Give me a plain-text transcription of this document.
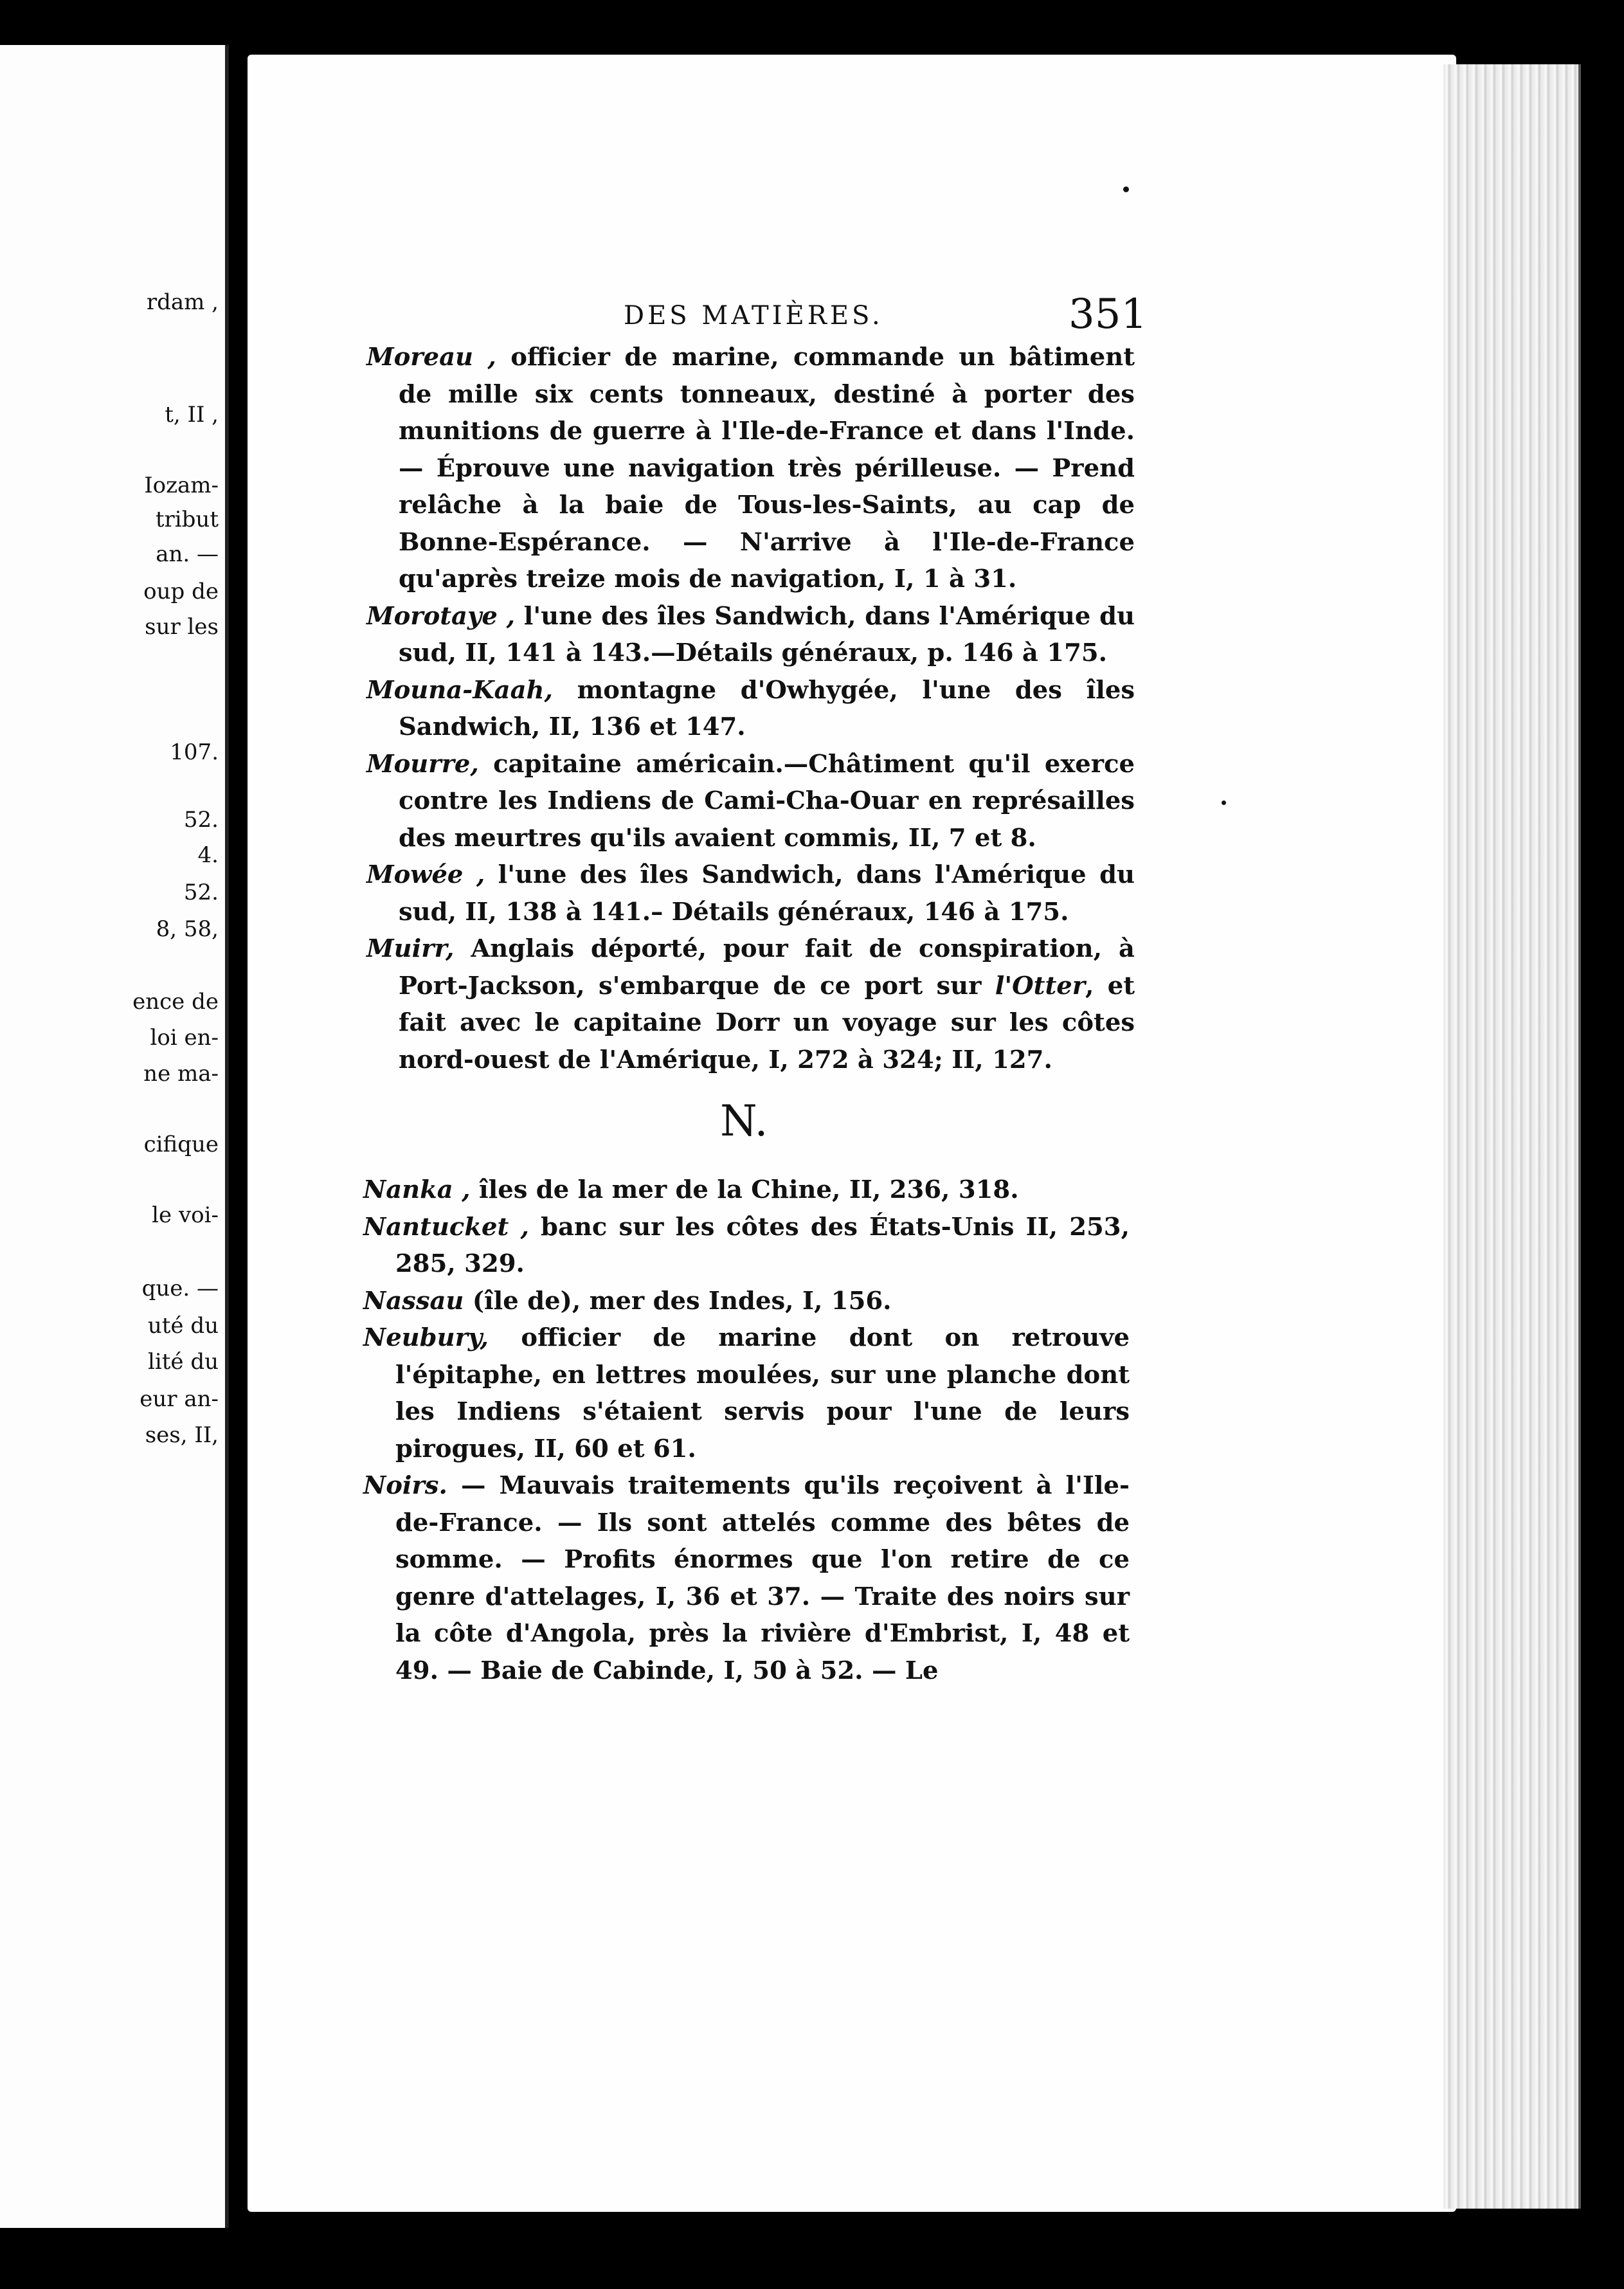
rdam ,
t, II ,
Iozam-
tribut
an. —
oup de
sur les
107.
52.
4.
52.
8, 58,
ence de
loi en-
ne ma-
cifique
le voi-
que. —
uté du
lité du
eur an-
ses, II,
DES MATIÈRES.	351

Moreau , officier de marine, commande un bâtiment de mille six cents tonneaux, destiné à porter des munitions de guerre à l'Ile-de-France et dans l'Inde. — Éprouve une navigation très périlleuse. — Prend relâche à la baie de Tous-les-Saints, au cap de Bonne-Espérance. — N'arrive à l'Ile-de-France qu'après treize mois de navigation, I, 1 à 31.

Morotaye , l'une des îles Sandwich, dans l'Amérique du sud, II, 141 à 143.—Détails généraux, p. 146 à 175.

Mouna-Kaah, montagne d'Owhygée, l'une des îles Sandwich, II, 136 et 147.

Mourre, capitaine américain.—Châtiment qu'il exerce contre les Indiens de Cami-Cha-Ouar en représailles des meurtres qu'ils avaient commis, II, 7 et 8.

Mowée , l'une des îles Sandwich, dans l'Amérique du sud, II, 138 à 141.– Détails généraux, 146 à 175.

Muirr, Anglais déporté, pour fait de conspiration, à Port-Jackson, s'embarque de ce port sur l'Otter, et fait avec le capitaine Dorr un voyage sur les côtes nord-ouest de l'Amérique, I, 272 à 324; II, 127.

N.

Nanka , îles de la mer de la Chine, II, 236, 318.

Nantucket , banc sur les côtes des États-Unis II, 253, 285, 329.

Nassau (île de), mer des Indes, I, 156.

Neubury, officier de marine dont on retrouve l'épitaphe, en lettres moulées, sur une planche dont les Indiens s'étaient servis pour l'une de leurs pirogues, II, 60 et 61.

Noirs. — Mauvais traitements qu'ils reçoivent à l'Ile-de-France. — Ils sont attelés comme des bêtes de somme. — Profits énormes que l'on retire de ce genre d'attelages, I, 36 et 37. — Traite des noirs sur la côte d'Angola, près la rivière d'Embrist, I, 48 et 49. — Baie de Cabinde, I, 50 à 52. — Le
